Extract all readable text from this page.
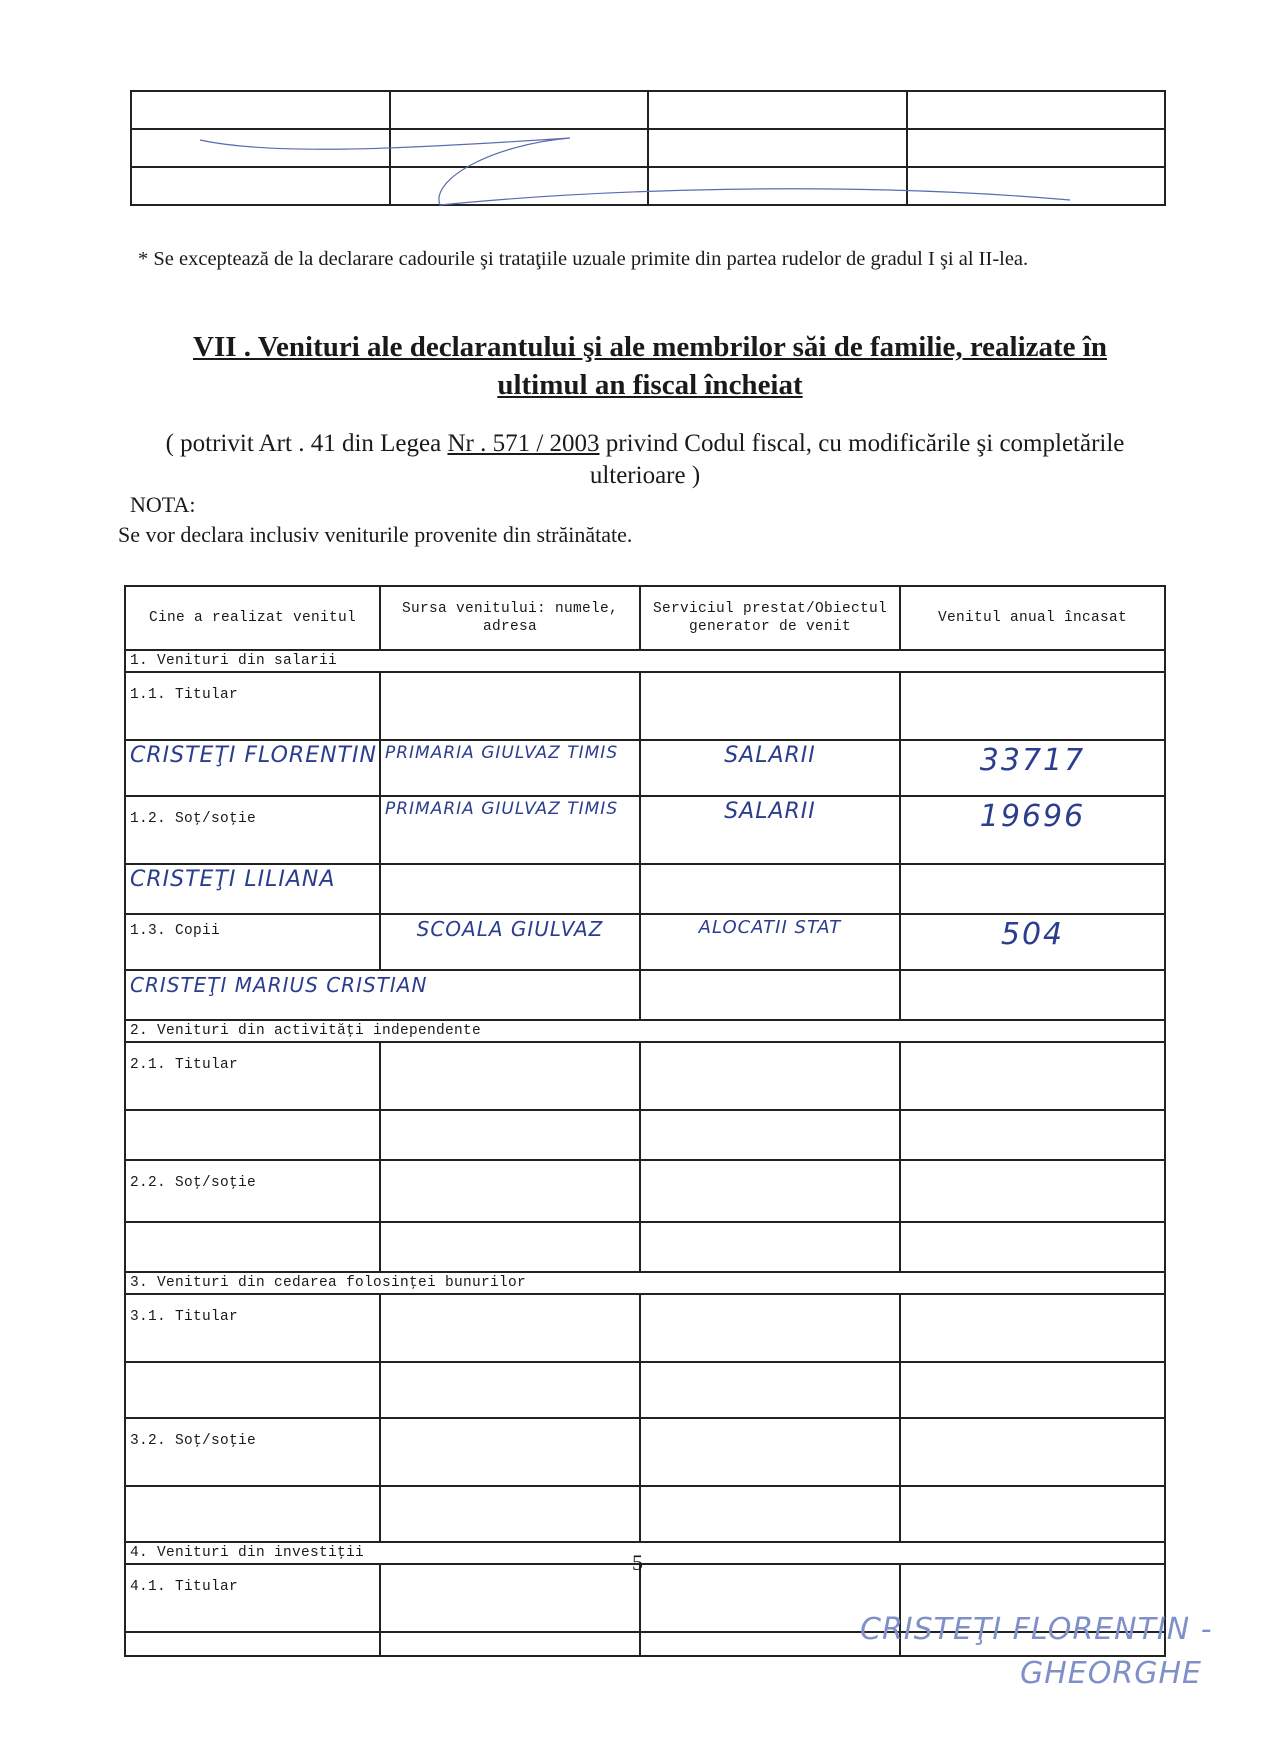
* Se exceptează de la declarare cadourile şi trataţiile uzuale primite din partea rudelor de gradul I şi al II-lea.
VII . Venituri ale declarantului şi ale membrilor săi de familie, realizate în ultimul an fiscal încheiat
( potrivit Art . 41 din Legea Nr . 571 / 2003 privind Codul fiscal, cu modificările şi completările ulterioare )
NOTA:
Se vor declara inclusiv veniturile provenite din străinătate.
Cine a realizat venitul	Sursa venitului: numele, adresa	Serviciul prestat/Obiectul generator de venit	Venitul anual încasat
1. Venituri din salarii			
1.1. Titular			
CRISTEŢI FLORENTIN	PRIMARIA GIULVAZ TIMIS	SALARII	33717
1.2. Soţ/soţie	PRIMARIA GIULVAZ TIMIS	SALARII	19696
CRISTEŢI LILIANA			
1.3. Copii	SCOALA GIULVAZ	ALOCATII STAT	504
CRISTEŢI MARIUS CRISTIAN			
2. Venituri din activităţi independente			
2.1. Titular			

2.2. Soţ/soţie			

3. Venituri din cedarea folosinţei bunurilor			
3.1. Titular			

3.2. Soţ/soţie			

4. Venituri din investiţii			
4.1. Titular			

5
CRISTEŢI FLORENTIN -
GHEORGHE
